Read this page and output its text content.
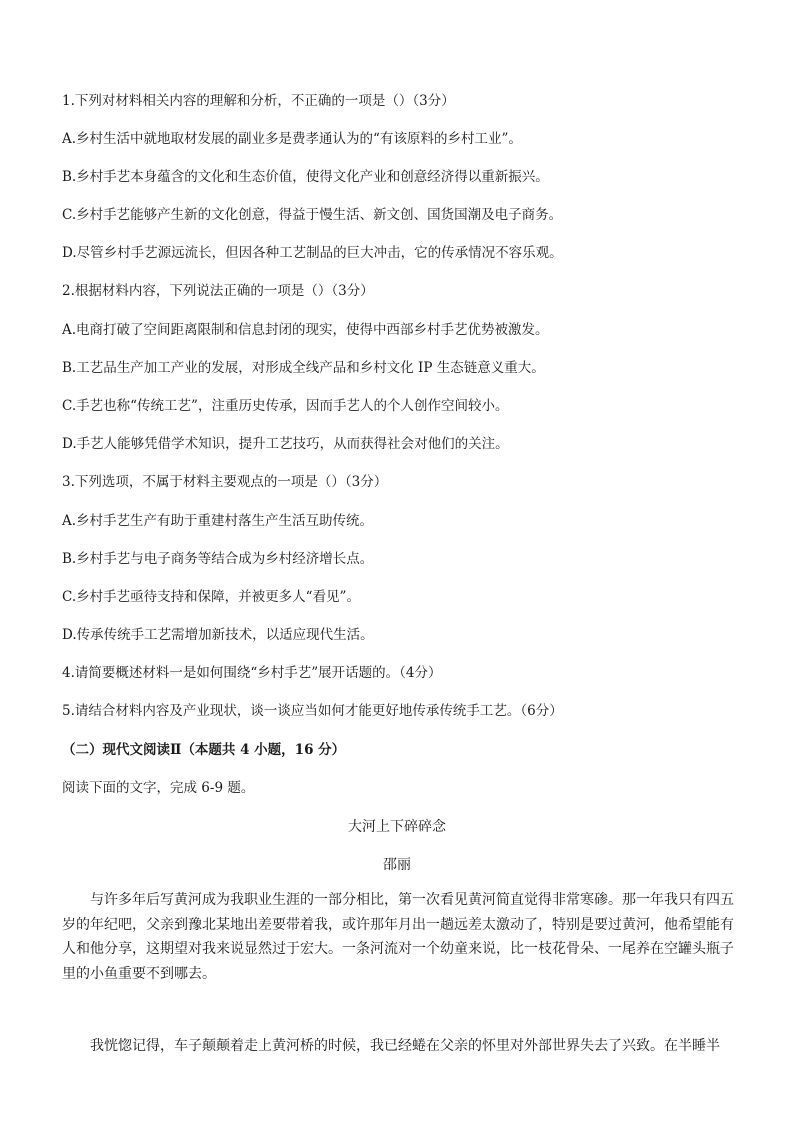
1.下列对材料相关内容的理解和分析，不正确的一项是（）（3分）
A.乡村生活中就地取材发展的副业多是费孝通认为的“有该原料的乡村工业”。
B.乡村手艺本身蕴含的文化和生态价值，使得文化产业和创意经济得以重新振兴。
C.乡村手艺能够产生新的文化创意，得益于慢生活、新文创、国货国潮及电子商务。
D.尽管乡村手艺源远流长，但因各种工艺制品的巨大冲击，它的传承情况不容乐观。
2.根据材料内容，下列说法正确的一项是（）（3分）
A.电商打破了空间距离限制和信息封闭的现实，使得中西部乡村手艺优势被激发。
B.工艺品生产加工产业的发展，对形成全线产品和乡村文化 IP 生态链意义重大。
C.手艺也称“传统工艺”，注重历史传承，因而手艺人的个人创作空间较小。
D.手艺人能够凭借学术知识，提升工艺技巧，从而获得社会对他们的关注。
3.下列选项，不属于材料主要观点的一项是（）（3分）
A.乡村手艺生产有助于重建村落生产生活互助传统。
B.乡村手艺与电子商务等结合成为乡村经济增长点。
C.乡村手艺亟待支持和保障，并被更多人“看见”。
D.传承传统手工艺需增加新技术，以适应现代生活。
4.请简要概述材料一是如何围绕“乡村手艺”展开话题的。（4分）
5.请结合材料内容及产业现状，谈一谈应当如何才能更好地传承传统手工艺。（6分）
（二）现代文阅读Ⅱ（本题共 4 小题，16 分）
阅读下面的文字，完成 6-9 题。
大河上下碎碎念
邵丽
与许多年后写黄河成为我职业生涯的一部分相比，第一次看见黄河简直觉得非常寒碜。那一年我只有四五岁的年纪吧，父亲到豫北某地出差要带着我，或许那年月出一趟远差太激动了，特别是要过黄河，他希望能有人和他分享，这期望对我来说显然过于宏大。一条河流对一个幼童来说，比一枝花骨朵、一尾养在空罐头瓶子里的小鱼重要不到哪去。
我恍惚记得，车子颠颠着走上黄河桥的时候，我已经蜷在父亲的怀里对外部世界失去了兴致。在半睡半
